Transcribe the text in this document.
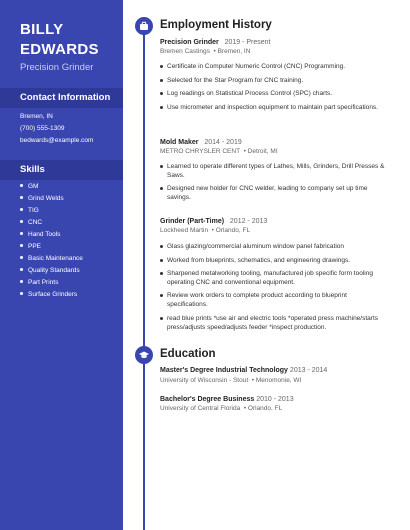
BILLY EDWARDS
Precision Grinder
Contact Information
Bremen, IN
(700) 555-1309
bedwards@example.com
Skills
GM
Grind Welds
TIG
CNC
Hand Tools
PPE
Basic Maintenance
Quality Standards
Part Prints
Surface Grinders
Employment History
Precision Grinder 2019 - Present
Bremen Castings  • Bremen, IN
Certificate in Computer Numeric Control (CNC) Programming.
Selected for the Star Program for CNC training.
Log readings on Statistical Process Control (SPC) charts.
Use micrometer and inspection equipment to maintain part specifications.
Mold Maker 2014 - 2019
METRO CHRYSLER CENT  • Detroit, MI
Learned to operate different types of Lathes, Mills, Grinders, Drill Presses & Saws.
Designed new holder for CNC welder, leading to company set up time savings.
Grinder (Part-Time) 2012 - 2013
Lockheed Martin  • Orlando, FL
Glass glazing/commercial aluminum window panel fabrication
Worked from blueprints, schematics, and engineering drawings.
Sharpened metalworking tooling, manufactured job specific form tooling operating CNC and conventional equipment.
Review work orders to complete product according to blueprint specifications.
read blue prints *use air and electric tools *operated press machine/starts press/adjusts speed/adjusts feeder *inspect production.
Education
Master's Degree Industrial Technology 2013 - 2014
University of Wisconsin - Stout  • Menomonie, WI
Bachelor's Degree Business 2010 - 2013
University of Central Florida  • Orlando, FL
